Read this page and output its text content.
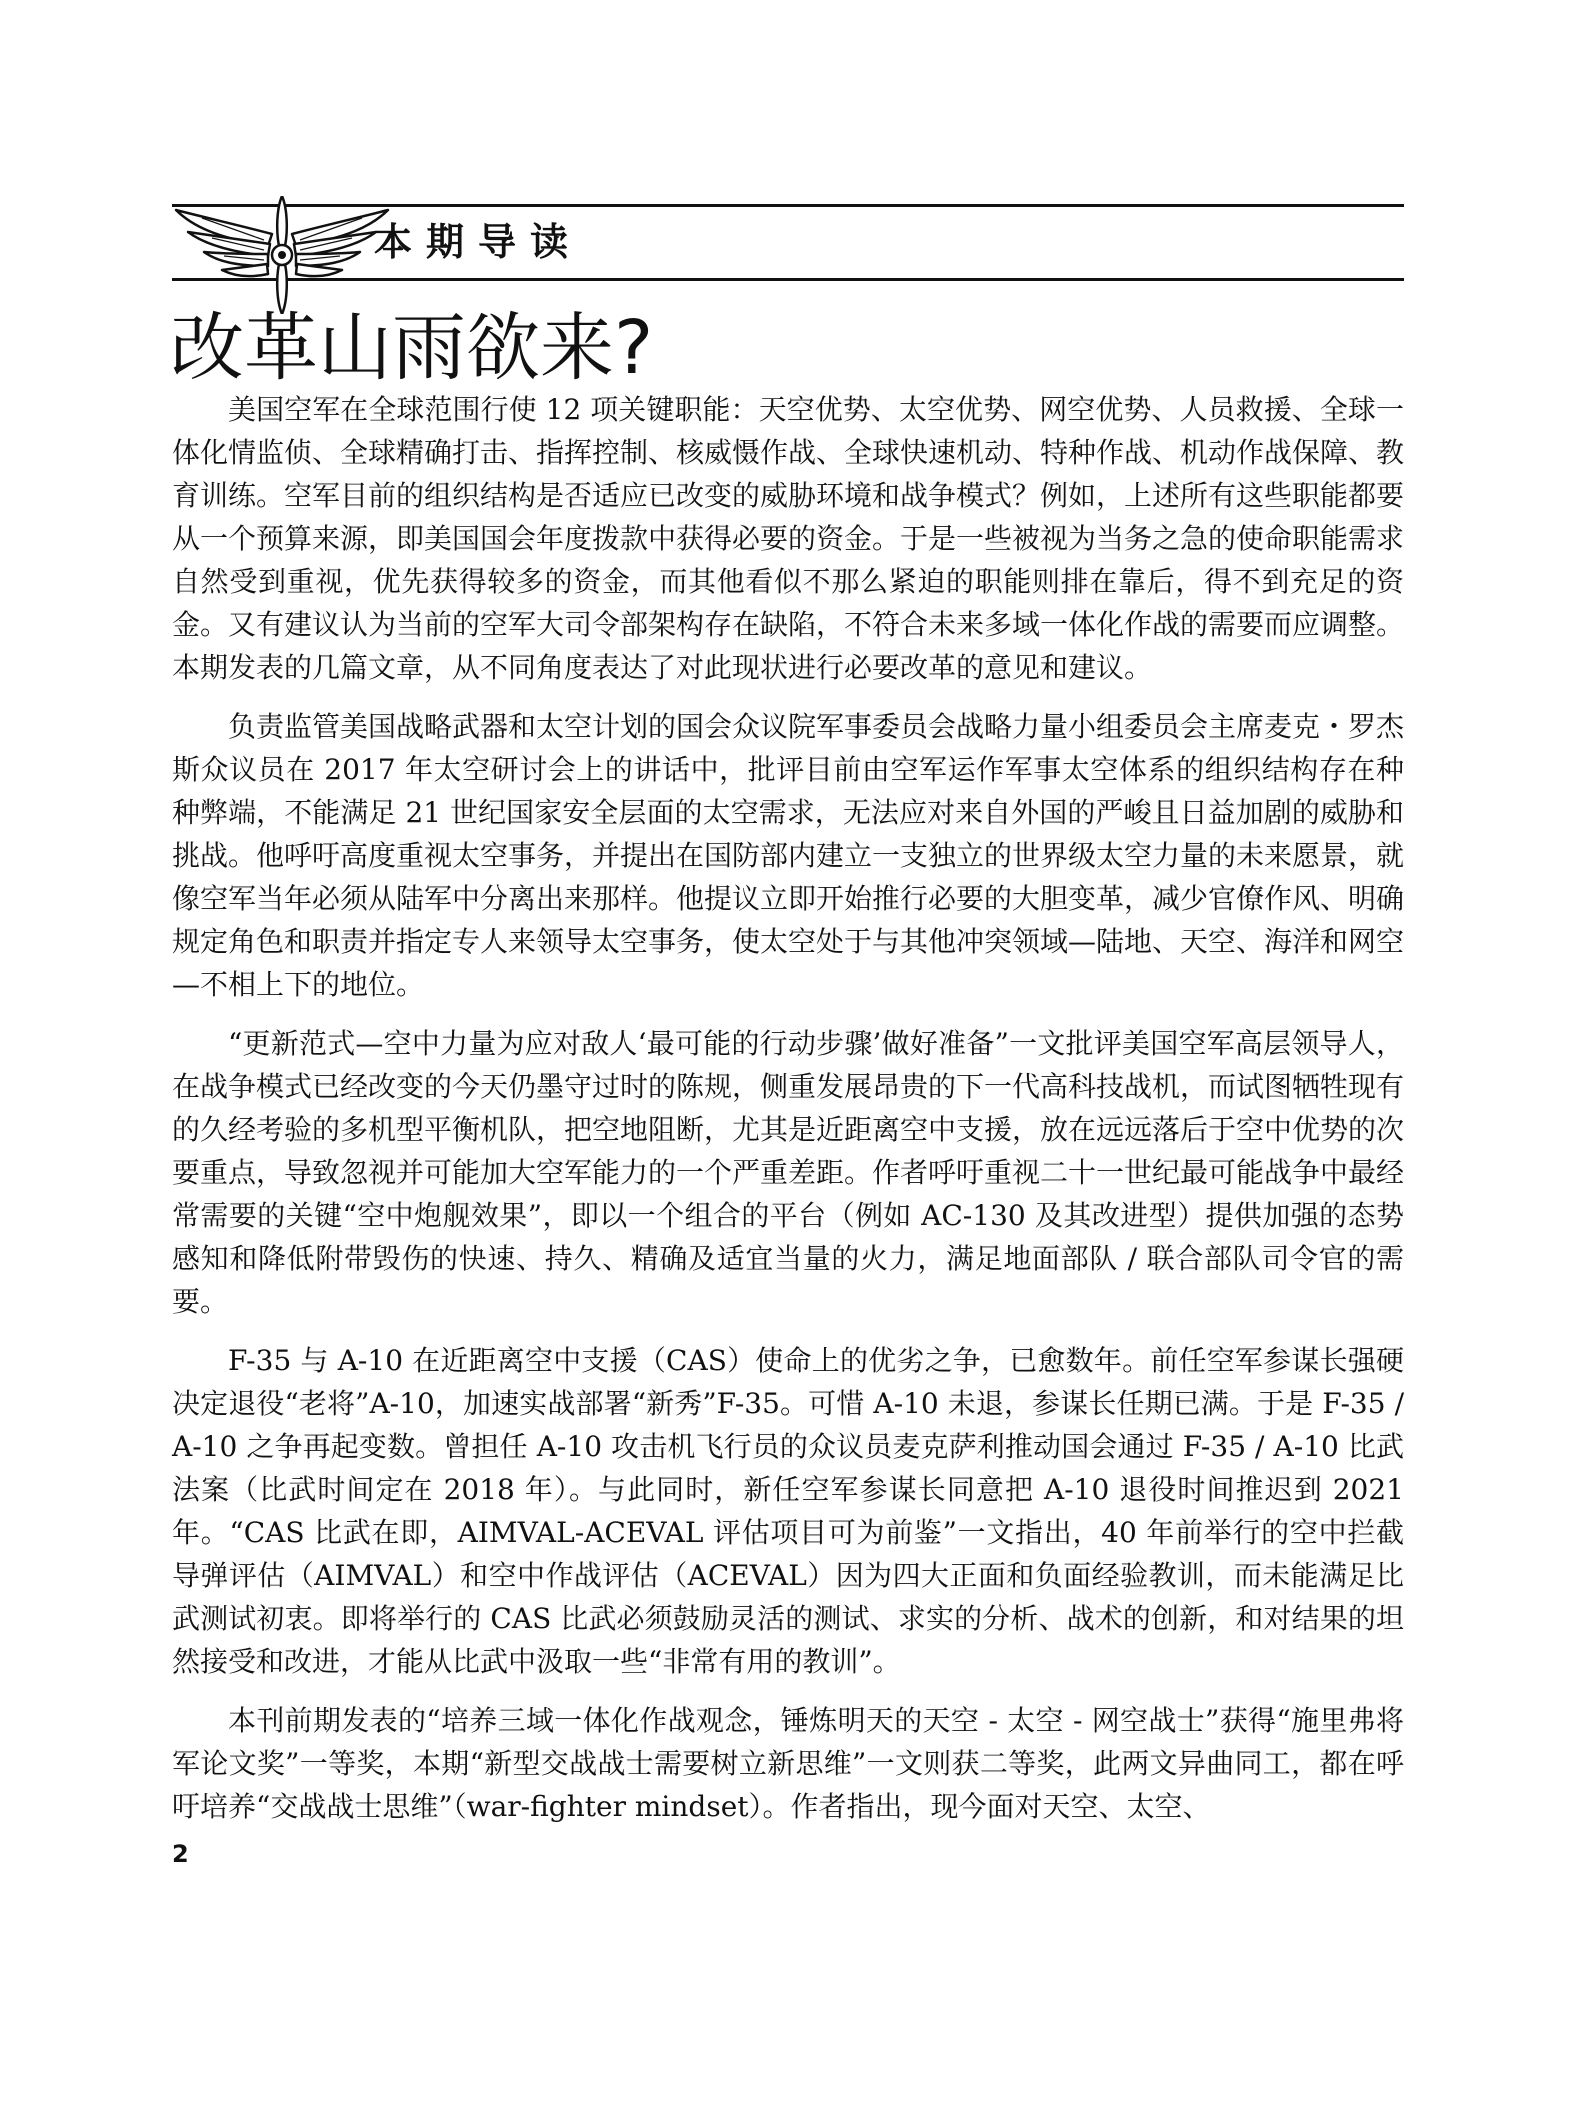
本期导读
改革山雨欲来?

美国空军在全球范围行使 12 项关键职能：天空优势、太空优势、网空优势、人员救援、全球一体化情监侦、全球精确打击、指挥控制、核威慑作战、全球快速机动、特种作战、机动作战保障、教育训练。空军目前的组织结构是否适应已改变的威胁环境和战争模式？例如，上述所有这些职能都要从一个预算来源，即美国国会年度拨款中获得必要的资金。于是一些被视为当务之急的使命职能需求自然受到重视，优先获得较多的资金，而其他看似不那么紧迫的职能则排在靠后，得不到充足的资金。又有建议认为当前的空军大司令部架构存在缺陷，不符合未来多域一体化作战的需要而应调整。本期发表的几篇文章，从不同角度表达了对此现状进行必要改革的意见和建议。

负责监管美国战略武器和太空计划的国会众议院军事委员会战略力量小组委员会主席麦克・罗杰斯众议员在 2017 年太空研讨会上的讲话中，批评目前由空军运作军事太空体系的组织结构存在种种弊端，不能满足 21 世纪国家安全层面的太空需求，无法应对来自外国的严峻且日益加剧的威胁和挑战。他呼吁高度重视太空事务，并提出在国防部内建立一支独立的世界级太空力量的未来愿景，就像空军当年必须从陆军中分离出来那样。他提议立即开始推行必要的大胆变革，减少官僚作风、明确规定角色和职责并指定专人来领导太空事务，使太空处于与其他冲突领域—陆地、天空、海洋和网空—不相上下的地位。

“更新范式—空中力量为应对敌人‘最可能的行动步骤’做好准备”一文批评美国空军高层领导人，在战争模式已经改变的今天仍墨守过时的陈规，侧重发展昂贵的下一代高科技战机，而试图牺牲现有的久经考验的多机型平衡机队，把空地阻断，尤其是近距离空中支援，放在远远落后于空中优势的次要重点，导致忽视并可能加大空军能力的一个严重差距。作者呼吁重视二十一世纪最可能战争中最经常需要的关键“空中炮舰效果”，即以一个组合的平台（例如 AC-130 及其改进型）提供加强的态势感知和降低附带毁伤的快速、持久、精确及适宜当量的火力，满足地面部队 / 联合部队司令官的需要。

F-35 与 A-10 在近距离空中支援（CAS）使命上的优劣之争，已愈数年。前任空军参谋长强硬决定退役“老将”A-10，加速实战部署“新秀”F-35。可惜 A-10 未退，参谋长任期已满。于是 F-35 / A-10 之争再起变数。曾担任 A-10 攻击机飞行员的众议员麦克萨利推动国会通过 F-35 / A-10 比武法案（比武时间定在 2018 年）。与此同时，新任空军参谋长同意把 A-10 退役时间推迟到 2021 年。“CAS 比武在即，AIMVAL-ACEVAL 评估项目可为前鉴”一文指出，40 年前举行的空中拦截导弹评估（AIMVAL）和空中作战评估（ACEVAL）因为四大正面和负面经验教训，而未能满足比武测试初衷。即将举行的 CAS 比武必须鼓励灵活的测试、求实的分析、战术的创新，和对结果的坦然接受和改进，才能从比武中汲取一些“非常有用的教训”。

本刊前期发表的“培养三域一体化作战观念，锤炼明天的天空 - 太空 - 网空战士”获得“施里弗将军论文奖”一等奖，本期“新型交战战士需要树立新思维”一文则获二等奖，此两文异曲同工，都在呼吁培养“交战战士思维”（war-fighter mindset）。作者指出，现今面对天空、太空、

2
